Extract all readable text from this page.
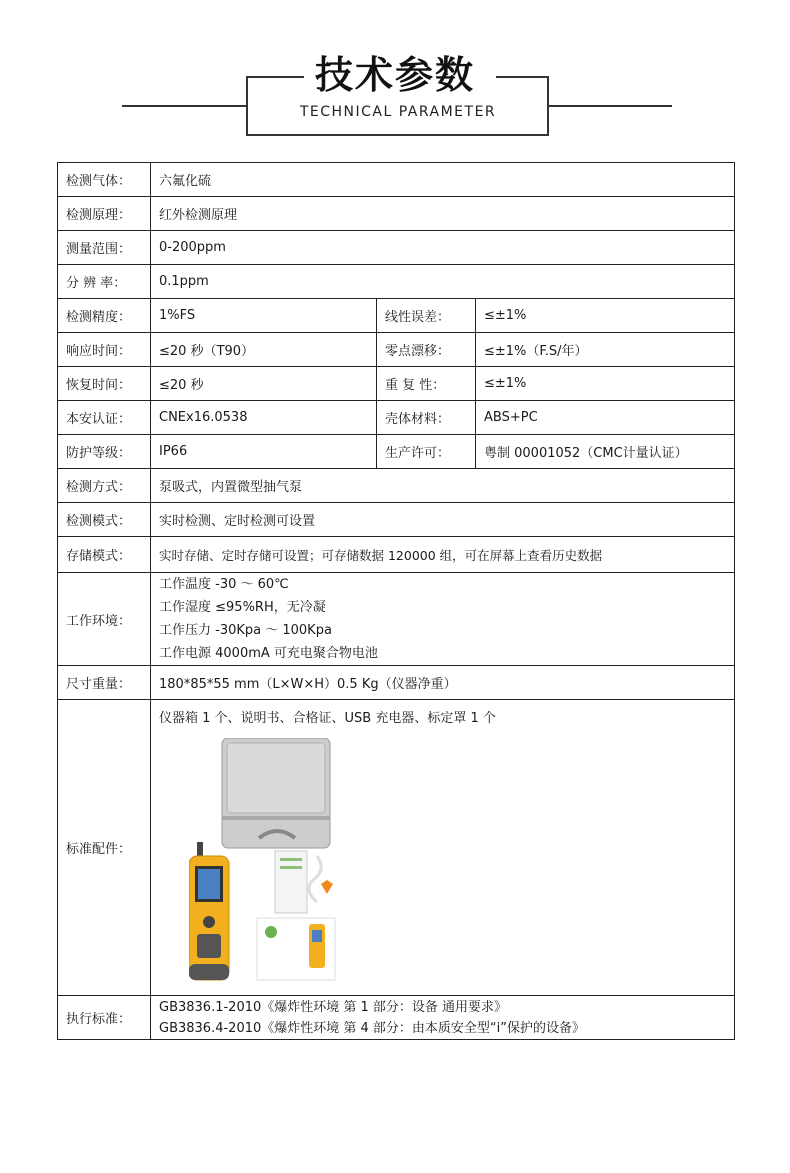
技术参数
TECHNICAL PARAMETER
检测气体：	六氟化硫		
检测原理：	红外检测原理		
测量范围：	0-200ppm		
分 辨 率：	0.1ppm		
检测精度：	1%FS	线性误差：	≤±1%
响应时间：	≤20 秒（T90）	零点漂移：	≤±1%（F.S/年）
恢复时间：	≤20 秒	重 复 性：	≤±1%
本安认证：	CNEx16.0538	壳体材料：	ABS+PC
防护等级：	IP66	生产许可：	粤制 00001052（CMC计量认证）
检测方式：	泵吸式，内置微型抽气泵		
检测模式：	实时检测、定时检测可设置		
存储模式：	实时存储、定时存储可设置；可存储数据 120000 组，可在屏幕上查看历史数据		
工作环境：	工作温度 -30 ～ 60℃
工作湿度 ≤95%RH，无冷凝
工作压力 -30Kpa ～ 100Kpa
工作电源 4000mA 可充电聚合物电池		

尺寸重量：	180*85*55 mm（L×W×H）0.5 Kg（仪器净重）		
标准配件：	仪器箱 1 个、说明书、合格证、USB 充电器、标定罩 1 个		

执行标准：	GB3836.1-2010《爆炸性环境 第 1 部分：设备 通用要求》
GB3836.4-2010《爆炸性环境 第 4 部分：由本质安全型“i”保护的设备》		
